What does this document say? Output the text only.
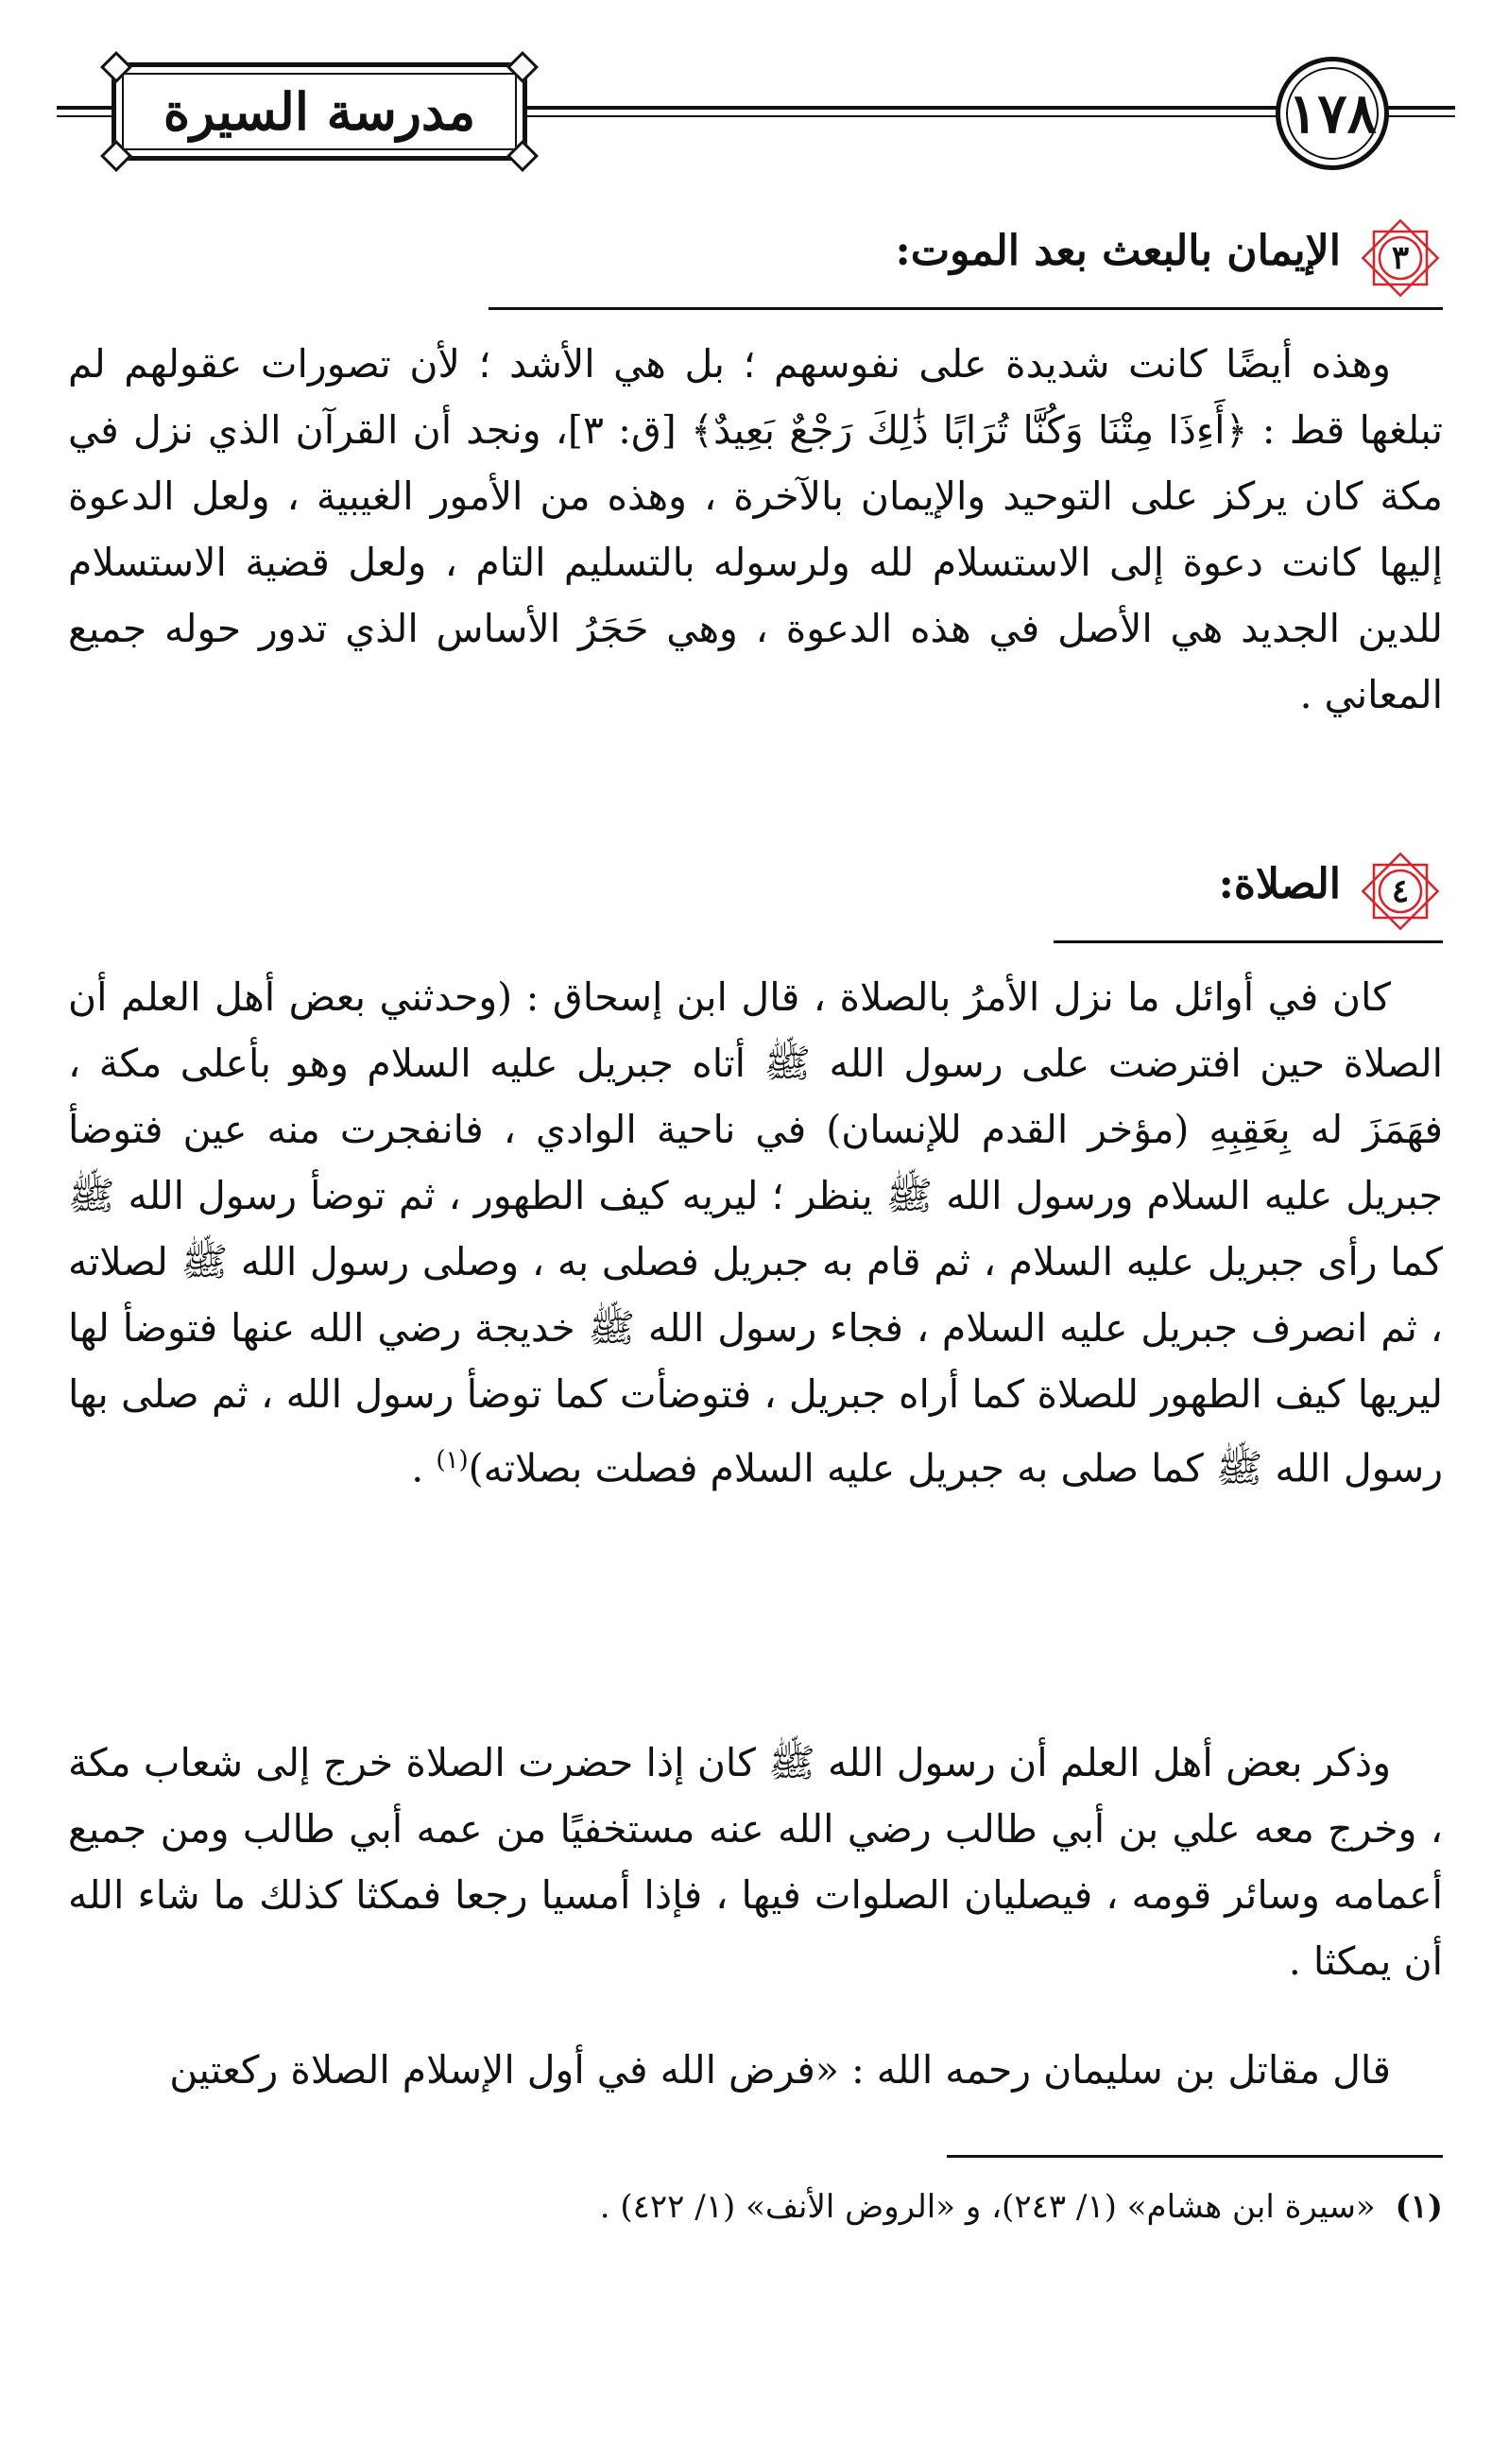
مدرسة السيرة	١٧٨
٣
الإيمان بالبعث بعد الموت:
وهذه أيضًا كانت شديدة على نفوسهم ؛ بل هي الأشد ؛ لأن تصورات عقولهم لم تبلغها قط : ﴿أَءِذَا مِتْنَا وَكُنَّا تُرَابًا ذَٰلِكَ رَجْعٌ بَعِيدٌ﴾ [ق: ٣]، ونجد أن القرآن الذي نزل في مكة كان يركز على التوحيد والإيمان بالآخرة ، وهذه من الأمور الغيبية ، ولعل الدعوة إليها كانت دعوة إلى الاستسلام لله ولرسوله بالتسليم التام ، ولعل قضية الاستسلام للدين الجديد هي الأصل في هذه الدعوة ، وهي حَجَرُ الأساس الذي تدور حوله جميع المعاني .
٤
الصلاة:
كان في أوائل ما نزل الأمرُ بالصلاة ، قال ابن إسحاق : (وحدثني بعض أهل العلم أن الصلاة حين افترضت على رسول الله ﷺ أتاه جبريل عليه السلام وهو بأعلى مكة ، فهَمَزَ له بِعَقِبِهِ (مؤخر القدم للإنسان) في ناحية الوادي ، فانفجرت منه عين فتوضأ جبريل عليه السلام ورسول الله ﷺ ينظر ؛ ليريه كيف الطهور ، ثم توضأ رسول الله ﷺ كما رأى جبريل عليه السلام ، ثم قام به جبريل فصلى به ، وصلى رسول الله ﷺ لصلاته ، ثم انصرف جبريل عليه السلام ، فجاء رسول الله ﷺ خديجة رضي الله عنها فتوضأ لها ليريها كيف الطهور للصلاة كما أراه جبريل ، فتوضأت كما توضأ رسول الله ، ثم صلى بها رسول الله ﷺ كما صلى به جبريل عليه السلام فصلت بصلاته)$^{(١)}$ .
وذكر بعض أهل العلم أن رسول الله ﷺ كان إذا حضرت الصلاة خرج إلى شعاب مكة ، وخرج معه علي بن أبي طالب رضي الله عنه مستخفيًا من عمه أبي طالب ومن جميع أعمامه وسائر قومه ، فيصليان الصلوات فيها ، فإذا أمسيا رجعا فمكثا كذلك ما شاء الله أن يمكثا .
قال مقاتل بن سليمان رحمه الله : «فرض الله في أول الإسلام الصلاة ركعتين
(١) «سيرة ابن هشام» (١/ ٢٤٣)، و «الروض الأنف» (١/ ٤٢٢) .
